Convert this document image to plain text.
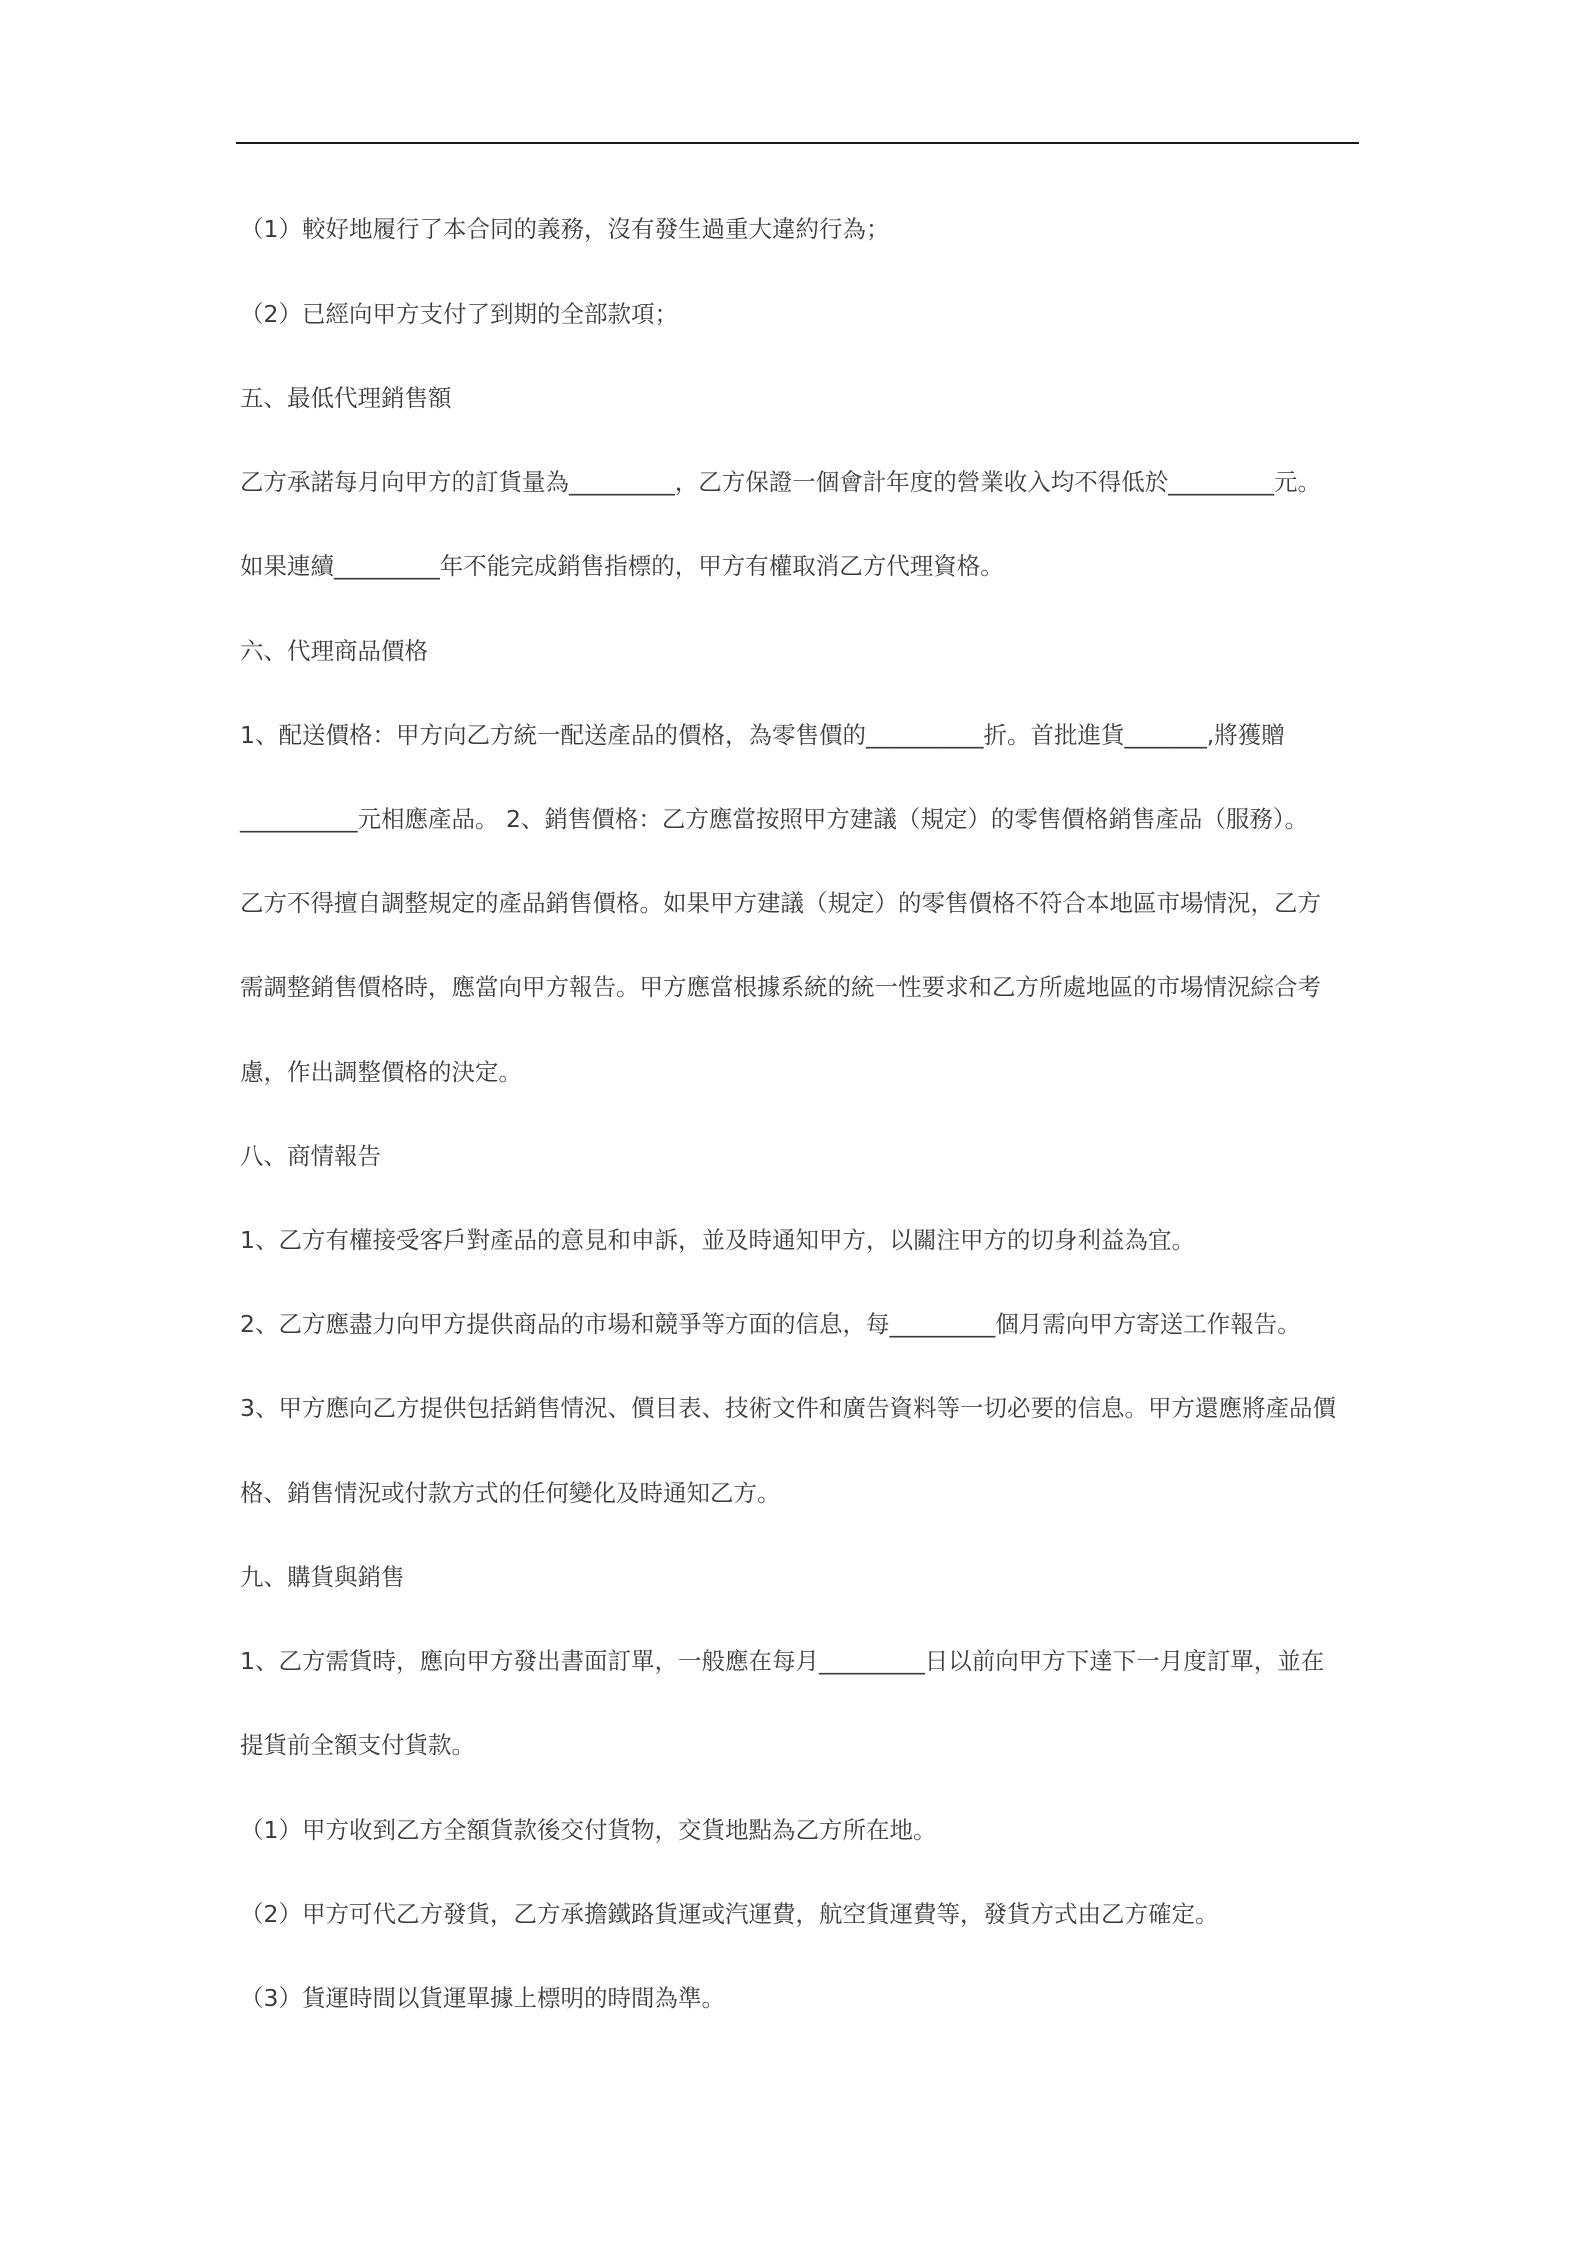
（1）較好地履行了本合同的義務，沒有發生過重大違約行為；
（2）已經向甲方支付了到期的全部款項；
五、最低代理銷售額
乙方承諾每月向甲方的訂貨量為_________，乙方保證一個會計年度的營業收入均不得低於_________元。
如果連續_________年不能完成銷售指標的，甲方有權取消乙方代理資格。
六、代理商品價格
1、配送價格：甲方向乙方統一配送產品的價格，為零售價的__________折。首批進貨_______,將獲贈
__________元相應產品。 2、銷售價格：乙方應當按照甲方建議（規定）的零售價格銷售產品（服務）。
乙方不得擅自調整規定的產品銷售價格。如果甲方建議（規定）的零售價格不符合本地區市場情況，乙方
需調整銷售價格時，應當向甲方報告。甲方應當根據系統的統一性要求和乙方所處地區的市場情況綜合考
慮，作出調整價格的決定。
八、商情報告
1、乙方有權接受客戶對產品的意見和申訴，並及時通知甲方，以關注甲方的切身利益為宜。
2、乙方應盡力向甲方提供商品的市場和競爭等方面的信息，每_________個月需向甲方寄送工作報告。
3、甲方應向乙方提供包括銷售情況、價目表、技術文件和廣告資料等一切必要的信息。甲方還應將產品價
格、銷售情況或付款方式的任何變化及時通知乙方。
九、購貨與銷售
1、乙方需貨時，應向甲方發出書面訂單，一般應在每月_________日以前向甲方下達下一月度訂單，並在
提貨前全額支付貨款。
（1）甲方收到乙方全額貨款後交付貨物，交貨地點為乙方所在地。
（2）甲方可代乙方發貨，乙方承擔鐵路貨運或汽運費，航空貨運費等，發貨方式由乙方確定。
（3）貨運時間以貨運單據上標明的時間為準。
